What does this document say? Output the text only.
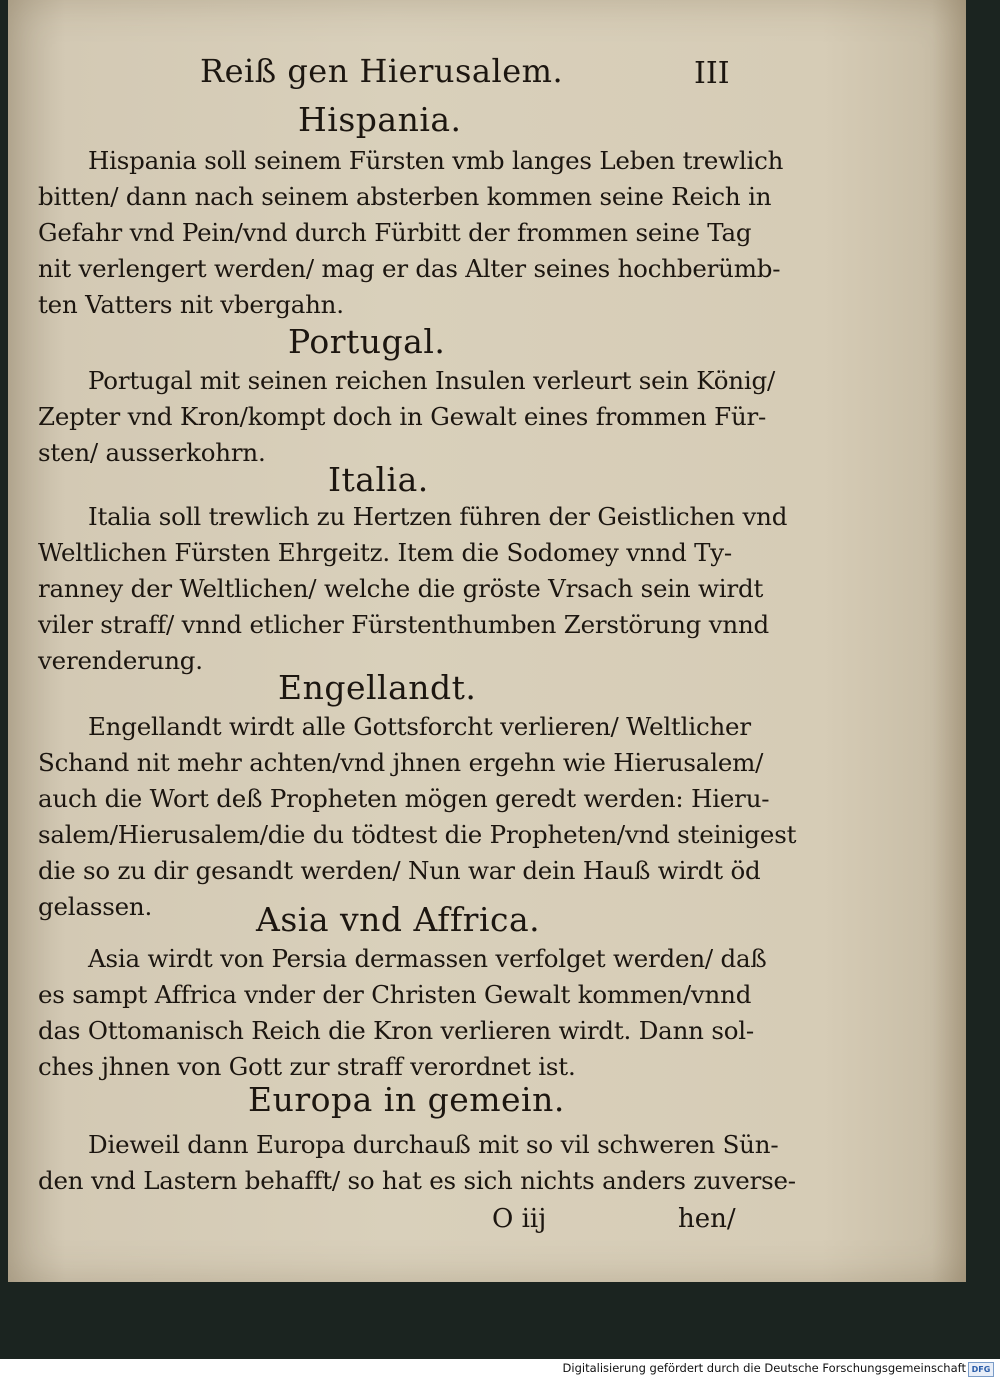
Reiß gen Hierusalem.	III
Hispania.
Hispania soll seinem Fürsten vmb langes Leben trewlich
bitten/ dann nach seinem absterben kommen seine Reich in
Gefahr vnd Pein/vnd durch Fürbitt der frommen seine Tag
nit verlengert werden/ mag er das Alter seines hochberümb-
ten Vatters nit vbergahn.
Portugal.
Portugal mit seinen reichen Insulen verleurt sein König/
Zepter vnd Kron/kompt doch in Gewalt eines frommen Für-
sten/ ausserkohrn.
Italia.
Italia soll trewlich zu Hertzen führen der Geistlichen vnd
Weltlichen Fürsten Ehrgeitz. Item die Sodomey vnnd Ty-
ranney der Weltlichen/ welche die gröste Vrsach sein wirdt
viler straff/ vnnd etlicher Fürstenthumben Zerstörung vnnd
verenderung.
Engellandt.
Engellandt wirdt alle Gottsforcht verlieren/ Weltlicher
Schand nit mehr achten/vnd jhnen ergehn wie Hierusalem/
auch die Wort deß Propheten mögen geredt werden: Hieru-
salem/Hierusalem/die du tödtest die Propheten/vnd steinigest
die so zu dir gesandt werden/ Nun war dein Hauß wirdt öd
gelassen.	Asia vnd Affrica.
Asia wirdt von Persia dermassen verfolget werden/ daß
es sampt Affrica vnder der Christen Gewalt kommen/vnnd
das Ottomanisch Reich die Kron verlieren wirdt. Dann sol-
ches jhnen von Gott zur straff verordnet ist.
Europa in gemein.
Dieweil dann Europa durchauß mit so vil schweren Sün-
den vnd Lastern behafft/ so hat es sich nichts anders zuverse-
O iij	hen/
Digitalisierung gefördert durch die Deutsche Forschungsgemeinschaft DFG
